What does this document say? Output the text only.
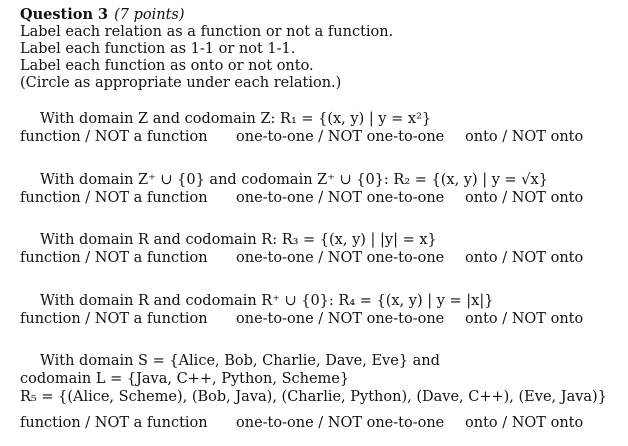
Question 3 (7 points)
Label each relation as a function or not a function.
Label each function as 1-1 or not 1-1.
Label each function as onto or not onto.
(Circle as appropriate under each relation.)
With domain Z and codomain Z: R₁ = {(x, y) | y = x²}
function / NOT a function one-to-one / NOT one-to-one onto / NOT onto
With domain Z⁺ ∪ {0} and codomain Z⁺ ∪ {0}: R₂ = {(x, y) | y = √x}
function / NOT a function one-to-one / NOT one-to-one onto / NOT onto
With domain R and codomain R: R₃ = {(x, y) | |y| = x}
function / NOT a function one-to-one / NOT one-to-one onto / NOT onto
With domain R and codomain R⁺ ∪ {0}: R₄ = {(x, y) | y = |x|}
function / NOT a function one-to-one / NOT one-to-one onto / NOT onto
With domain S = {Alice, Bob, Charlie, Dave, Eve} and
codomain L = {Java, C++, Python, Scheme}
R₅ = {(Alice, Scheme), (Bob, Java), (Charlie, Python), (Dave, C++), (Eve, Java)}
function / NOT a function one-to-one / NOT one-to-one onto / NOT onto
